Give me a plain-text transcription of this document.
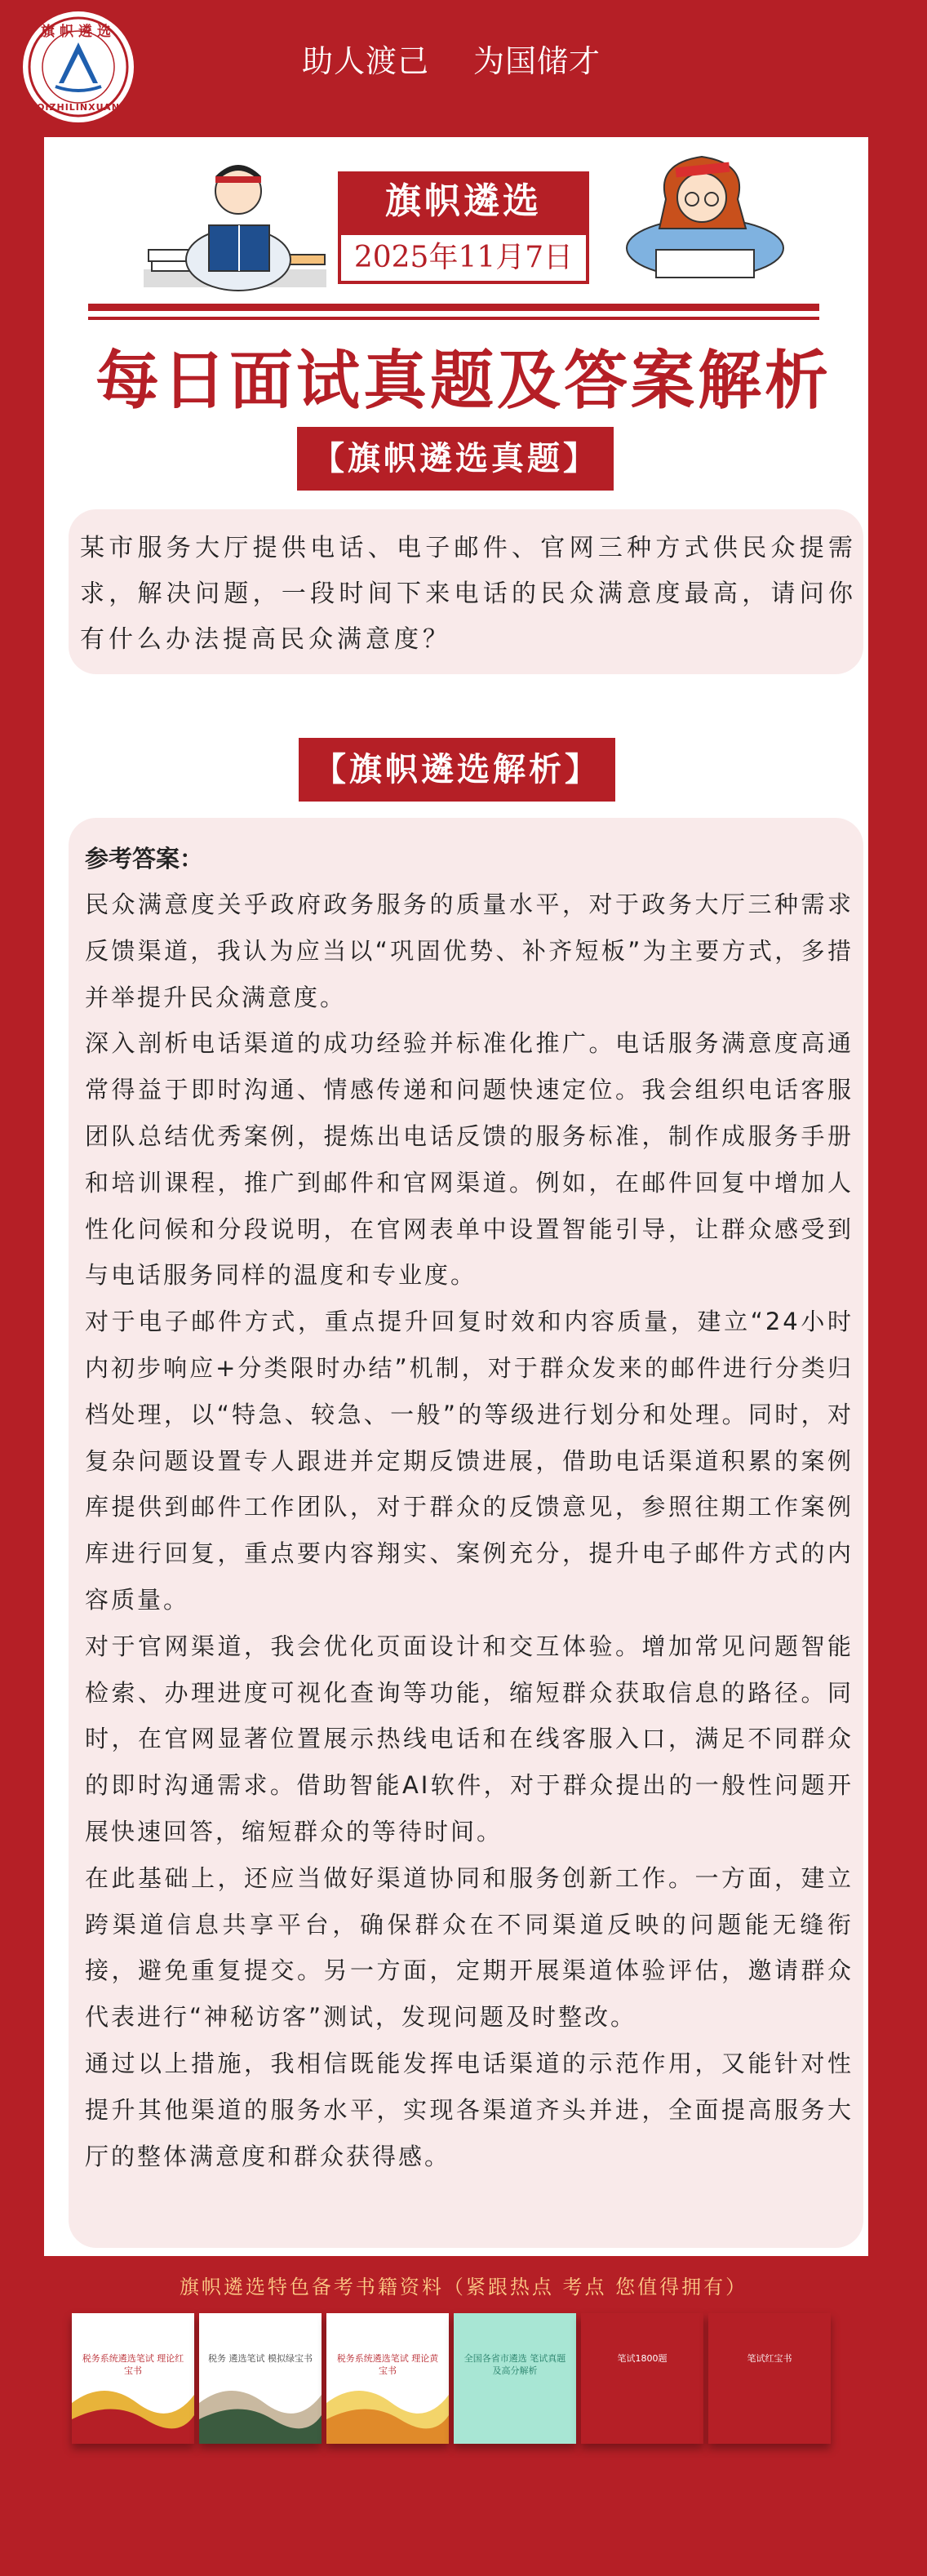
旗帜遴选
QIZHILINXUAN
助人渡己 为国储才
旗帜遴选
2025年11月7日
每日面试真题及答案解析
【旗帜遴选真题】
某市服务大厅提供电话、电子邮件、官网三种方式供民众提需求，解决问题，一段时间下来电话的民众满意度最高，请问你有什么办法提高民众满意度？
【旗帜遴选解析】
参考答案：

民众满意度关乎政府政务服务的质量水平，对于政务大厅三种需求反馈渠道，我认为应当以“巩固优势、补齐短板”为主要方式，多措并举提升民众满意度。

深入剖析电话渠道的成功经验并标准化推广。电话服务满意度高通常得益于即时沟通、情感传递和问题快速定位。我会组织电话客服团队总结优秀案例，提炼出电话反馈的服务标准，制作成服务手册和培训课程，推广到邮件和官网渠道。例如，在邮件回复中增加人性化问候和分段说明，在官网表单中设置智能引导，让群众感受到与电话服务同样的温度和专业度。

对于电子邮件方式，重点提升回复时效和内容质量，建立“24小时内初步响应+分类限时办结”机制，对于群众发来的邮件进行分类归档处理，以“特急、较急、一般”的等级进行划分和处理。同时，对复杂问题设置专人跟进并定期反馈进展，借助电话渠道积累的案例库提供到邮件工作团队，对于群众的反馈意见，参照往期工作案例库进行回复，重点要内容翔实、案例充分，提升电子邮件方式的内容质量。

对于官网渠道，我会优化页面设计和交互体验。增加常见问题智能检索、办理进度可视化查询等功能，缩短群众获取信息的路径。同时，在官网显著位置展示热线电话和在线客服入口，满足不同群众的即时沟通需求。借助智能AI软件，对于群众提出的一般性问题开展快速回答，缩短群众的等待时间。

在此基础上，还应当做好渠道协同和服务创新工作。一方面，建立跨渠道信息共享平台，确保群众在不同渠道反映的问题能无缝衔接，避免重复提交。另一方面，定期开展渠道体验评估，邀请群众代表进行“神秘访客”测试，发现问题及时整改。

通过以上措施，我相信既能发挥电话渠道的示范作用，又能针对性提升其他渠道的服务水平，实现各渠道齐头并进，全面提高服务大厅的整体满意度和群众获得感。

旗帜遴选特色备考书籍资料（紧跟热点 考点 您值得拥有）
税务系统遴选笔试 理论红宝书
税务 遴选笔试 模拟绿宝书	税务系统遴选笔试 理论黄宝书
全国各省市遴选 笔试真题及高分解析
笔试1800题	笔试红宝书
